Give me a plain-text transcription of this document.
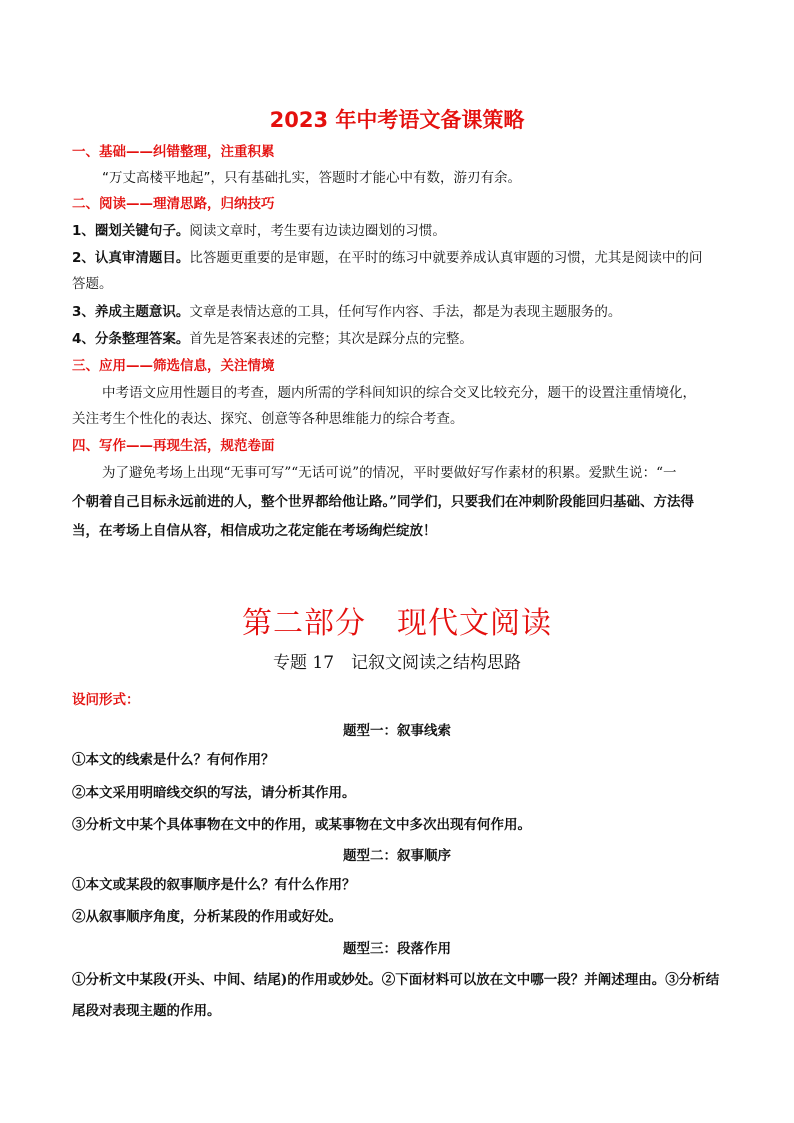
2023 年中考语文备课策略
一、基础——纠错整理，注重积累
“万丈高楼平地起”，只有基础扎实，答题时才能心中有数，游刃有余。
二、阅读——理清思路，归纳技巧
1、圈划关键句子。阅读文章时，考生要有边读边圈划的习惯。
2、认真审清题目。比答题更重要的是审题，在平时的练习中就要养成认真审题的习惯，尤其是阅读中的问
答题。
3、养成主题意识。文章是表情达意的工具，任何写作内容、手法，都是为表现主题服务的。
4、分条整理答案。首先是答案表述的完整；其次是踩分点的完整。
三、应用——筛选信息，关注情境
中考语文应用性题目的考查，题内所需的学科间知识的综合交叉比较充分，题干的设置注重情境化，
关注考生个性化的表达、探究、创意等各种思维能力的综合考查。
四、写作——再现生活，规范卷面
为了避免考场上出现“无事可写”“无话可说”的情况，平时要做好写作素材的积累。爱默生说：“一
个朝着自己目标永远前进的人，整个世界都给他让路。”同学们，只要我们在冲刺阶段能回归基础、方法得
当，在考场上自信从容，相信成功之花定能在考场绚烂绽放！
第二部分　现代文阅读
专题 17　记叙文阅读之结构思路
设问形式：
题型一：叙事线索
①本文的线索是什么？有何作用？
②本文采用明暗线交织的写法，请分析其作用。
③分析文中某个具体事物在文中的作用，或某事物在文中多次出现有何作用。
题型二：叙事顺序
①本文或某段的叙事顺序是什么？有什么作用？
②从叙事顺序角度，分析某段的作用或好处。
题型三：段落作用
①分析文中某段(开头、中间、结尾)的作用或妙处。②下面材料可以放在文中哪一段？并阐述理由。③分析结
尾段对表现主题的作用。
